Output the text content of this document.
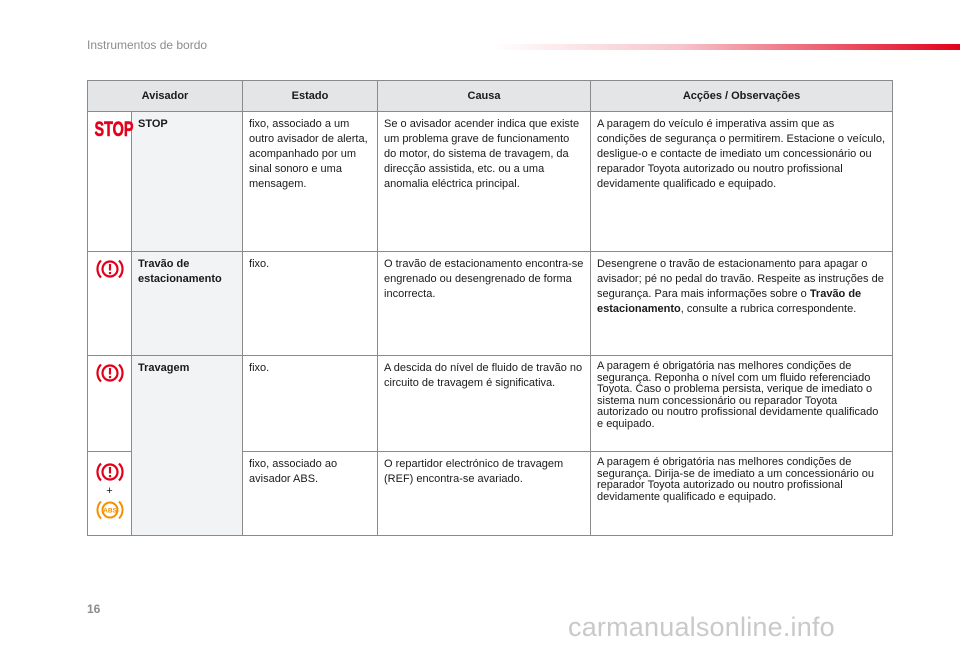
Instrumentos de bordo
Avisador		Estado	Causa	Acções / Observações

STOP	STOP	fixo, associado a um outro avisador de alerta, acompanhado por um sinal sonoro e uma mensagem.	Se o avisador acender indica que existe um problema grave de funcionamento do motor, do sistema de travagem, da direcção assistida, etc. ou a uma anomalia eléctrica principal.	A paragem do veículo é imperativa assim que as condições de segurança o permitirem. Estacione o veículo, desligue-o e contacte de imediato um concessionário ou reparador Toyota autorizado ou noutro profissional devidamente qualificado e equipado.

	Travão de estacionamento	fixo.	O travão de estacionamento encontra-se engrenado ou desengrenado de forma incorrecta.	Desengrene o travão de estacionamento para apagar o avisador; pé no pedal do travão. Respeite as instruções de segurança. Para mais informações sobre o Travão de estacionamento, consulte a rubrica correspondente.

	Travagem	fixo.	A descida do nível de fluido de travão no circuito de travagem é significativa.	A paragem é obrigatória nas melhores condições de segurança. Reponha o nível com um fluido referenciado Toyota. Caso o problema persista, verique de imediato o sistema num concessionário ou reparador Toyota autorizado ou noutro profissional devidamente qualificado e equipado.

+
ABS		fixo, associado ao avisador ABS.	O repartidor electrónico de travagem (REF) encontra-se avariado.	A paragem é obrigatória nas melhores condições de segurança. Dirija-se de imediato a um concessionário ou reparador Toyota autorizado ou noutro profissional devidamente qualificado e equipado.
16
carmanualsonline.info
